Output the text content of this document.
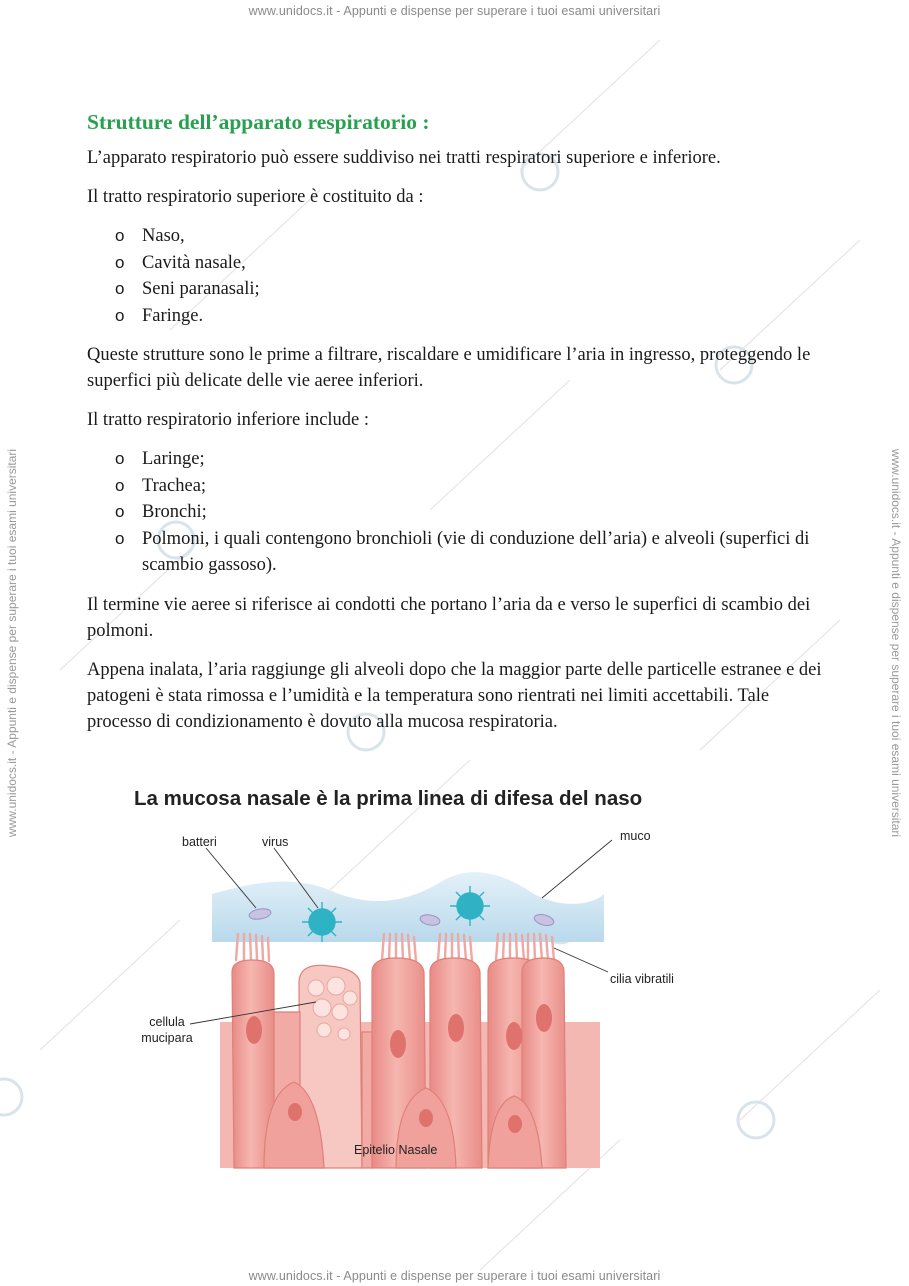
www.unidocs.it - Appunti e dispense per superare i tuoi esami universitari
www.unidocs.it - Appunti e dispense per superare i tuoi esami universitari
www.unidocs.it - Appunti e dispense per superare i tuoi esami universitari	www.unidocs.it - Appunti e dispense per superare i tuoi esami universitari
Strutture dell’apparato respiratorio :

L’apparato respiratorio può essere suddiviso nei tratti respiratori superiore e inferiore.

Il tratto respiratorio superiore è costituito da :

o Naso,
o Cavità nasale,
o Seni paranasali;
o Faringe.

Queste strutture sono le prime a filtrare, riscaldare e umidificare l’aria in ingresso, proteggendo le superfici più delicate delle vie aeree inferiori.

Il tratto respiratorio inferiore include :

o Laringe;
o Trachea;
o Bronchi;
o Polmoni, i quali contengono bronchioli (vie di conduzione dell’aria) e alveoli (superfici di scambio gassoso).

Il termine vie aeree si riferisce ai condotti che portano l’aria da e verso le superfici di scambio dei polmoni.

Appena inalata, l’aria raggiunge gli alveoli dopo che la maggior parte delle particelle estranee e dei patogeni è stata rimossa e l’umidità e la temperatura sono rientrati nei limiti accettabili. Tale processo di condizionamento è dovuto alla mucosa respiratoria.

La mucosa nasale è la prima linea di difesa del naso
batteri	virus	muco
cilia vibratili
cellula mucipara
Epitelio Nasale
